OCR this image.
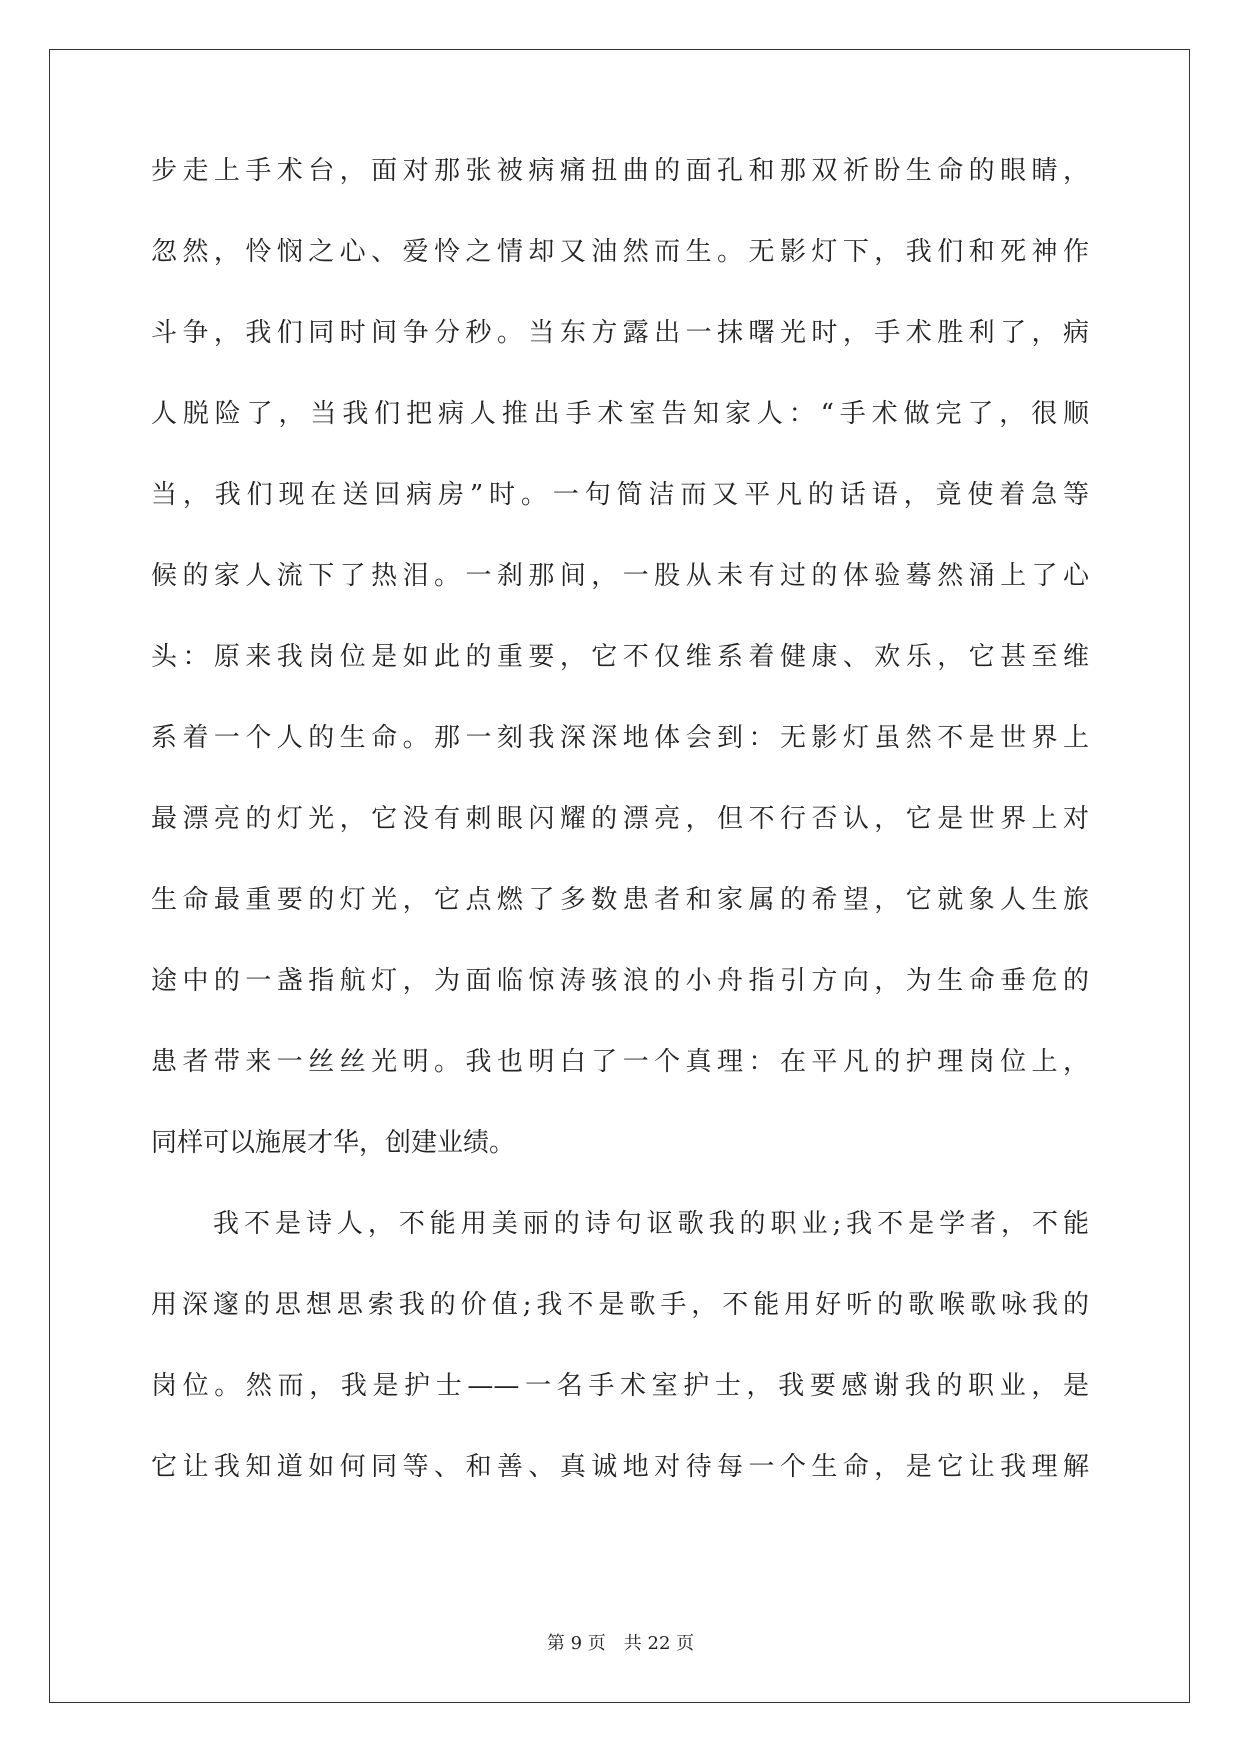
步走上手术台，面对那张被病痛扭曲的面孔和那双祈盼生命的眼睛，
忽然，怜悯之心、爱怜之情却又油然而生。无影灯下，我们和死神作
斗争，我们同时间争分秒。当东方露出一抹曙光时，手术胜利了，病
人脱险了，当我们把病人推出手术室告知家人：“手术做完了，很顺
当，我们现在送回病房”时。一句简洁而又平凡的话语，竟使着急等
候的家人流下了热泪。一刹那间，一股从未有过的体验蓦然涌上了心
头：原来我岗位是如此的重要，它不仅维系着健康、欢乐，它甚至维
系着一个人的生命。那一刻我深深地体会到：无影灯虽然不是世界上
最漂亮的灯光，它没有刺眼闪耀的漂亮，但不行否认，它是世界上对
生命最重要的灯光，它点燃了多数患者和家属的希望，它就象人生旅
途中的一盏指航灯，为面临惊涛骇浪的小舟指引方向，为生命垂危的
患者带来一丝丝光明。我也明白了一个真理：在平凡的护理岗位上，
同样可以施展才华，创建业绩。
我不是诗人，不能用美丽的诗句讴歌我的职业;我不是学者，不能
用深邃的思想思索我的价值;我不是歌手，不能用好听的歌喉歌咏我的
岗位。然而，我是护士——一名手术室护士，我要感谢我的职业，是
它让我知道如何同等、和善、真诚地对待每一个生命，是它让我理解
第 9 页 共 22 页
